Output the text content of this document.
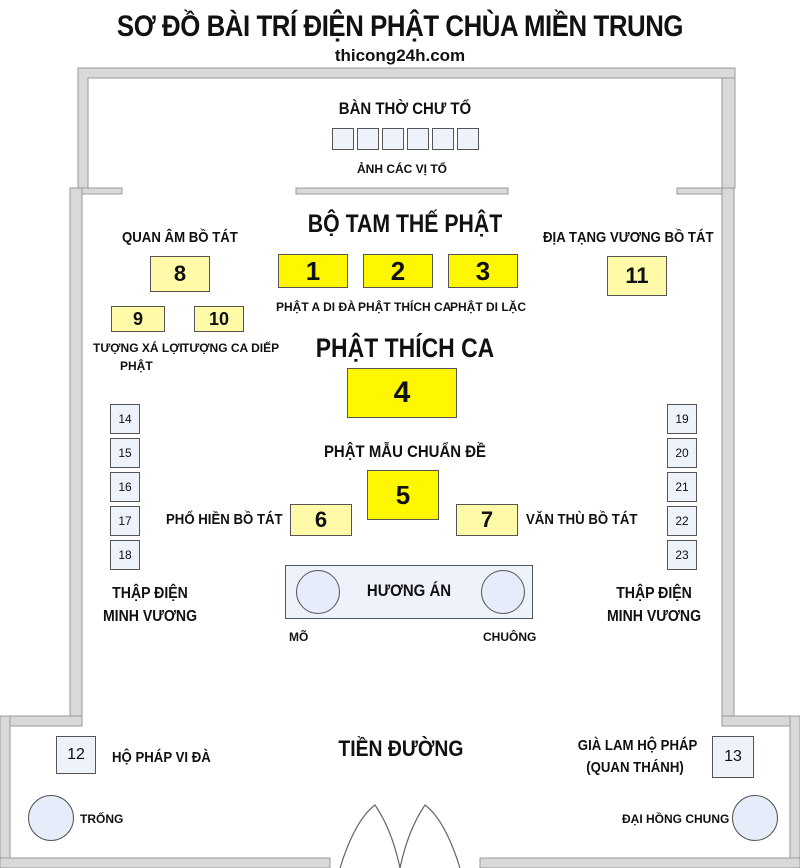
SƠ ĐỒ BÀI TRÍ ĐIỆN PHẬT CHÙA MIỀN TRUNG
thicong24h.com
BÀN THỜ CHƯ TỔ
ẢNH CÁC VỊ TỔ
BỘ TAM THẾ PHẬT
1	2	3
PHẬT A DI ĐÀ PHẬT THÍCH CA
PHẬT DI LẶC
QUAN ÂM BỒ TÁT
8
ĐỊA TẠNG VƯƠNG BỒ TÁT
11
9	10
TƯỢNG XÁ LỢI
PHẬT
TƯỢNG CA DIẾP PHẬT THÍCH CA
4
PHẬT MẪU CHUẨN ĐỀ
5
PHỔ HIỀN BỒ TÁT	6	7	VĂN THÙ BỒ TÁT
14
15
16
17
18
THẬP ĐIỆN
MINH VƯƠNG
19
20
21
22
23
THẬP ĐIỆN
MINH VƯƠNG
HƯƠNG ÁN
MÕ	CHUÔNG
TIỀN ĐƯỜNG
12	HỘ PHÁP VI ĐÀ	13
GIÀ LAM HỘ PHÁP
(QUAN THÁNH)
TRỐNG	ĐẠI HỒNG CHUNG
